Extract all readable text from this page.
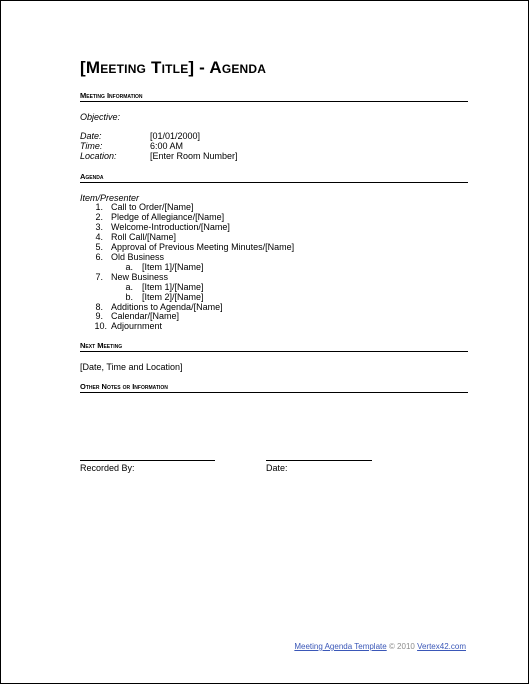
[Meeting Title] - Agenda
Meeting Information
Objective:
Date:	[01/01/2000]
Time:	6:00 AM
Location:	[Enter Room Number]
Agenda
Item/Presenter
1. Call to Order/[Name]
2. Pledge of Allegiance/[Name]
3. Welcome-Introduction/[Name]
4. Roll Call/[Name]
5. Approval of Previous Meeting Minutes/[Name]
6. Old Business
a. [Item 1]/[Name]
7. New Business
a. [Item 1]/[Name]
b. [Item 2]/[Name]
8. Additions to Agenda/[Name]
9. Calendar/[Name]
10. Adjournment
Next Meeting
[Date, Time and Location]
Other Notes or Information
Recorded By:	Date:
Meeting Agenda Template © 2010 Vertex42.com
